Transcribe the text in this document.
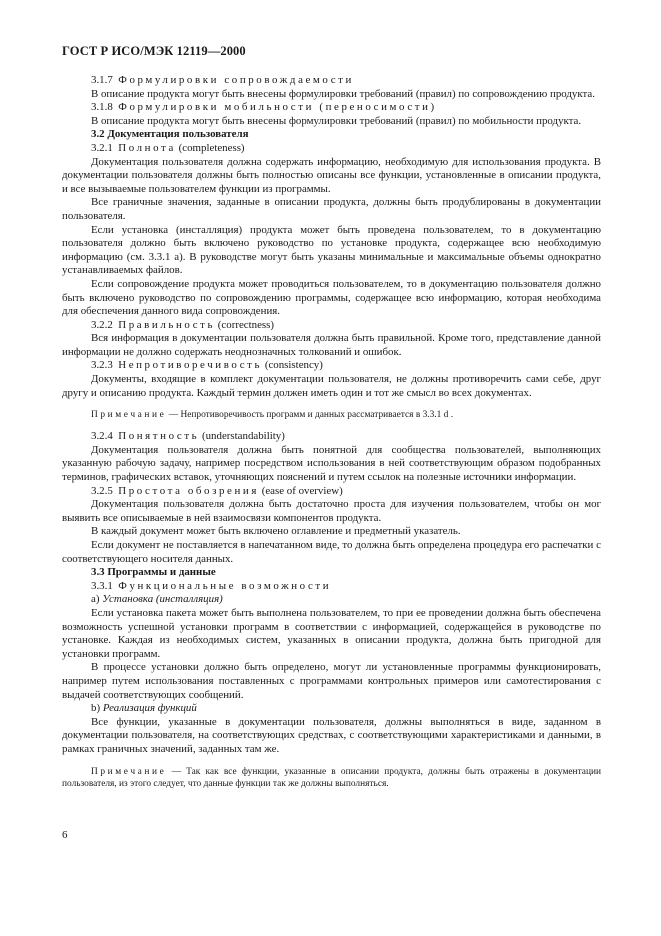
ГОСТ Р ИСО/МЭК 12119—2000

3.1.7 Формулировки сопровождаемости

В описание продукта могут быть внесены формулировки требований (правил) по сопровождению продукта.

3.1.8 Формулировки мобильности (переносимости)

В описание продукта могут быть внесены формулировки требований (правил) по мобильности продукта.

3.2 Документация пользователя

3.2.1 Полнота (completeness)

Документация пользователя должна содержать информацию, необходимую для использования продукта. В документации пользователя должны быть полностью описаны все функции, установленные в описании продукта, и все вызываемые пользователем функции из программы.

Все граничные значения, заданные в описании продукта, должны быть продублированы в документации пользователя.

Если установка (инсталляция) продукта может быть проведена пользователем, то в документацию пользователя должно быть включено руководство по установке продукта, содержащее всю необходимую информацию (см. 3.3.1 а). В руководстве могут быть указаны минимальные и максимальные объемы однократно устанавливаемых файлов.

Если сопровождение продукта может проводиться пользователем, то в документацию пользователя должно быть включено руководство по сопровождению программы, содержащее всю информацию, которая необходима для обеспечения данного вида сопровождения.

3.2.2 Правильность (correctness)

Вся информация в документации пользователя должна быть правильной. Кроме того, представление данной информации не должно содержать неоднозначных толкований и ошибок.

3.2.3 Непротиворечивость (consistency)

Документы, входящие в комплект документации пользователя, не должны противоречить сами себе, друг другу и описанию продукта. Каждый термин должен иметь один и тот же смысл во всех документах.

Примечание — Непротиворечивость программ и данных рассматривается в 3.3.1 d .

3.2.4 Понятность (understandability)

Документация пользователя должна быть понятной для сообщества пользователей, выполняющих указанную рабочую задачу, например посредством использования в ней соответствующим образом подобранных терминов, графических вставок, уточняющих пояснений и путем ссылок на полезные источники информации.

3.2.5 Простота обозрения (ease of overview)

Документация пользователя должна быть достаточно проста для изучения пользователем, чтобы он мог выявить все описываемые в ней взаимосвязи компонентов продукта.

В каждый документ может быть включено оглавление и предметный указатель.

Если документ не поставляется в напечатанном виде, то должна быть определена процедура его распечатки с соответствующего носителя данных.

3.3 Программы и данные

3.3.1 Функциональные возможности

а) Установка (инсталляция)

Если установка пакета может быть выполнена пользователем, то при ее проведении должна быть обеспечена возможность успешной установки программ в соответствии с информацией, содержащейся в руководстве по установке. Каждая из необходимых систем, указанных в описании продукта, должна быть пригодной для установки программ.

В процессе установки должно быть определено, могут ли установленные программы функционировать, например путем использования поставленных с программами контрольных примеров или самотестирования с выдачей соответствующих сообщений.

b) Реализация функций

Все функции, указанные в документации пользователя, должны выполняться в виде, заданном в документации пользователя, на соответствующих средствах, с соответствующими характеристиками и данными, в рамках граничных значений, заданных там же.

Примечание — Так как все функции, указанные в описании продукта, должны быть отражены в документации пользователя, из этого следует, что данные функции так же должны выполняться.

6
